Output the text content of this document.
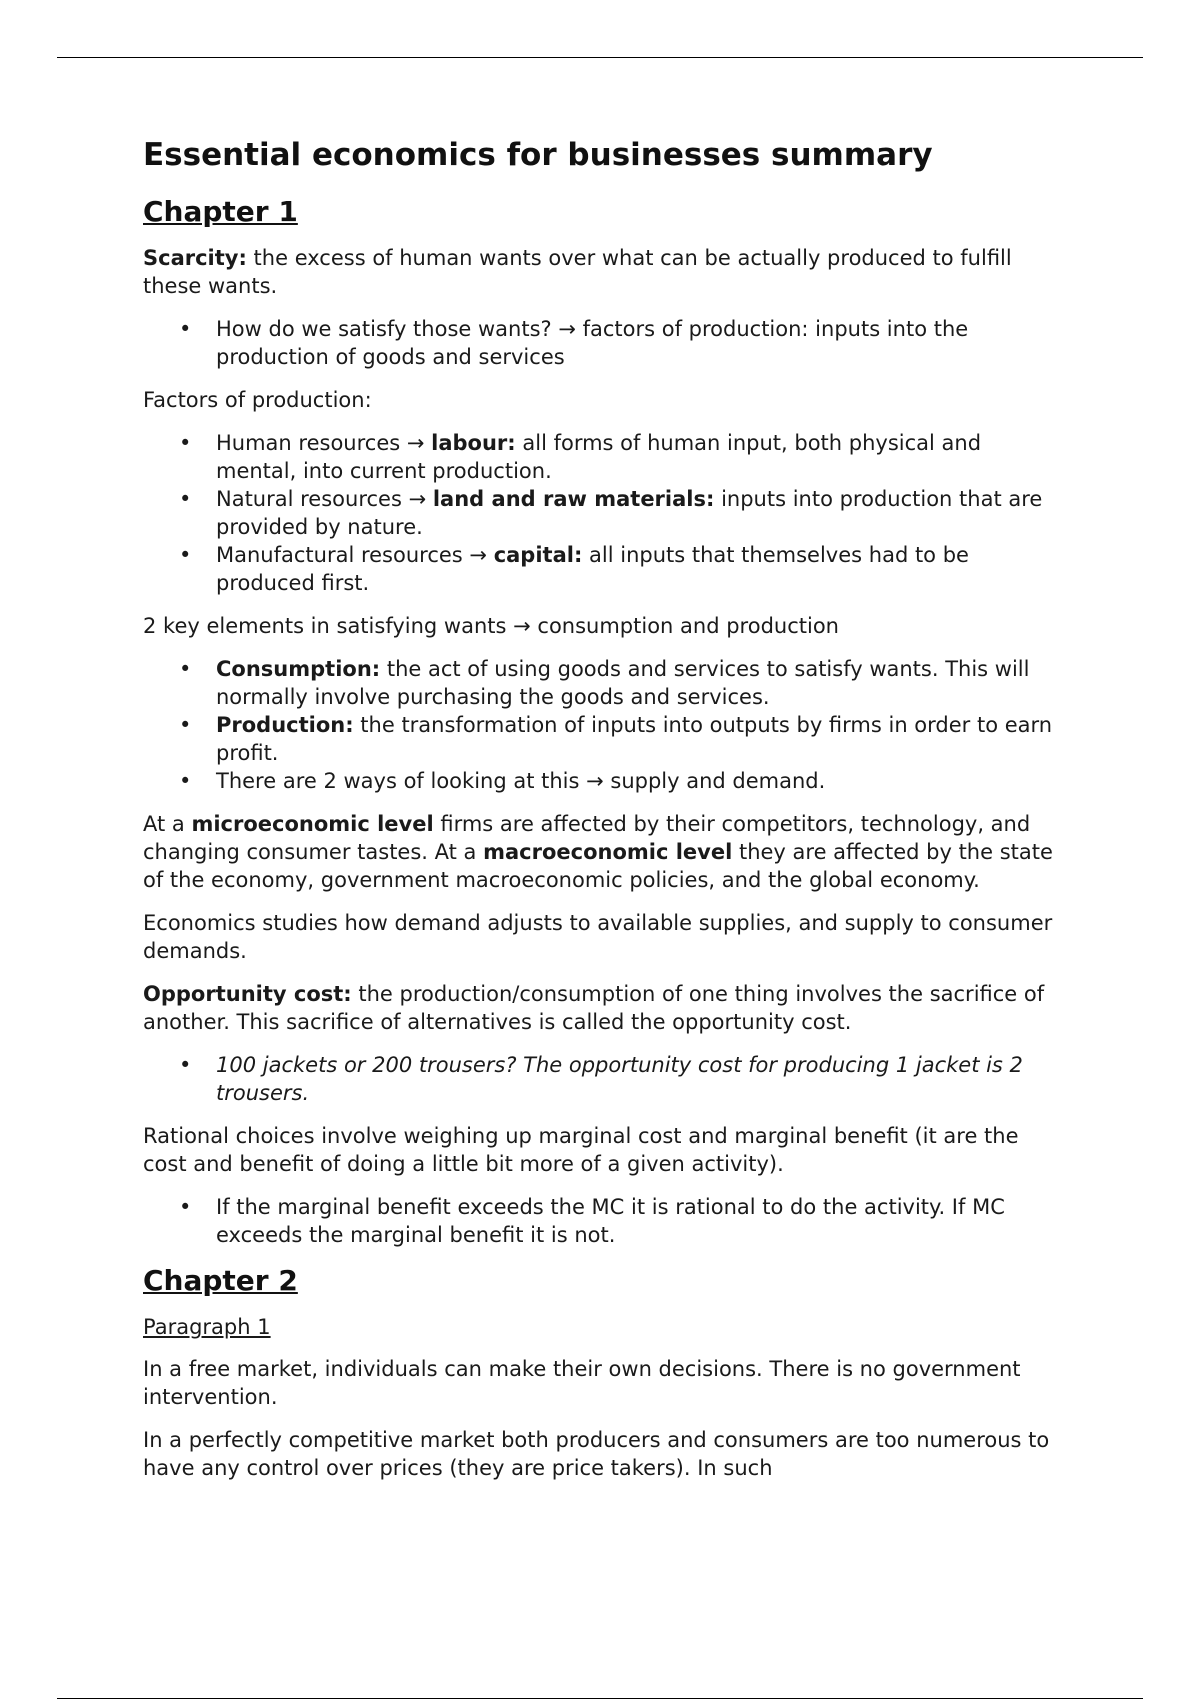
Essential economics for businesses summary
Chapter 1

Scarcity: the excess of human wants over what can be actually produced to fulfill these wants.

• How do we satisfy those wants? → factors of production: inputs into the production of goods and services

Factors of production:

• Human resources → labour: all forms of human input, both physical and mental, into current production.
• Natural resources → land and raw materials: inputs into production that are provided by nature.
• Manufactural resources → capital: all inputs that themselves had to be produced first.

2 key elements in satisfying wants → consumption and production

• Consumption: the act of using goods and services to satisfy wants. This will normally involve purchasing the goods and services.
• Production: the transformation of inputs into outputs by firms in order to earn profit.
• There are 2 ways of looking at this → supply and demand.

At a microeconomic level firms are affected by their competitors, technology, and changing consumer tastes. At a macroeconomic level they are affected by the state of the economy, government macroeconomic policies, and the global economy.

Economics studies how demand adjusts to available supplies, and supply to consumer demands.

Opportunity cost: the production/consumption of one thing involves the sacrifice of another. This sacrifice of alternatives is called the opportunity cost.

• 100 jackets or 200 trousers? The opportunity cost for producing 1 jacket is 2 trousers.

Rational choices involve weighing up marginal cost and marginal benefit (it are the cost and benefit of doing a little bit more of a given activity).

• If the marginal benefit exceeds the MC it is rational to do the activity. If MC exceeds the marginal benefit it is not.
Chapter 2
Paragraph 1

In a free market, individuals can make their own decisions. There is no government intervention.

In a perfectly competitive market both producers and consumers are too numerous to have any control over prices (they are price takers). In such
